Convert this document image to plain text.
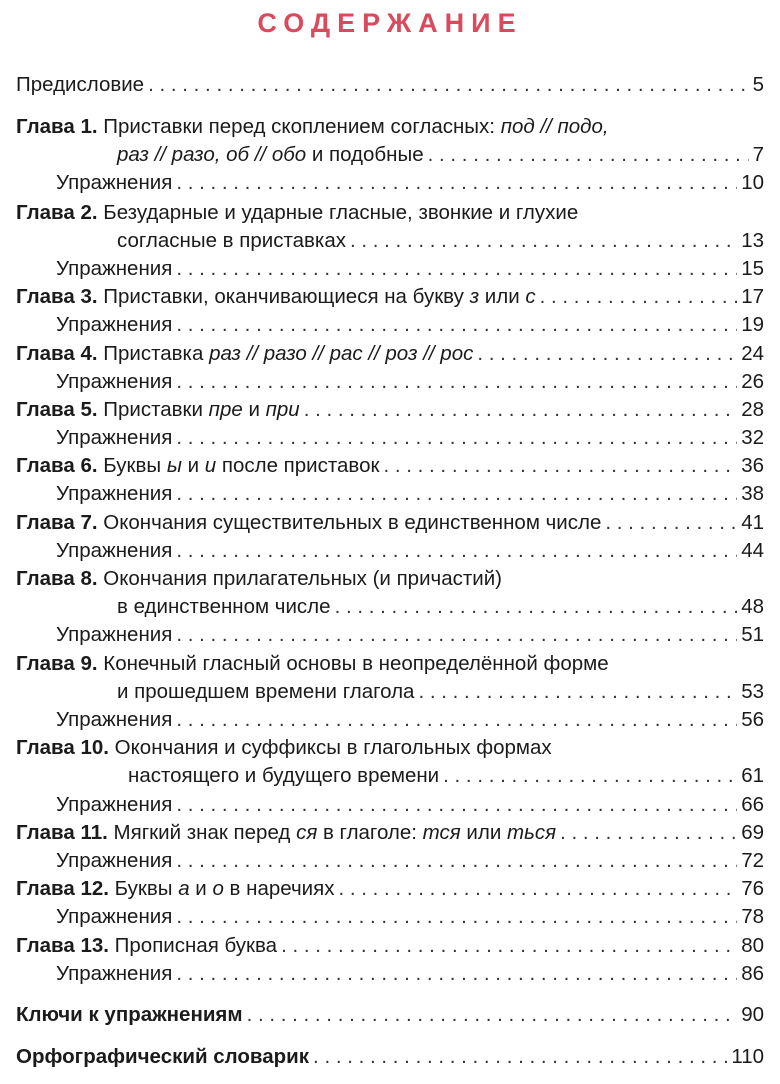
СОДЕРЖАНИЕ
Предисловие . . .	5
Глава 1. Приставки перед скоплением согласных: под // подо,
раз // разо, об // обо и подобные . . .	7
Упражнения . . .	10
Глава 2. Безударные и ударные гласные, звонкие и глухие
согласные в приставках . . .	13
Упражнения . . .	15
Глава 3. Приставки, оканчивающиеся на букву з или с . . .	17
Упражнения . . .	19
Глава 4. Приставка раз // разо // рас // роз // рос . . .	24
Упражнения . . .	26
Глава 5. Приставки пре и при . . .	28
Упражнения . . .	32
Глава 6. Буквы ы и и после приставок . . .	36
Упражнения . . .	38
Глава 7. Окончания существительных в единственном числе . . .	41
Упражнения . . .	44
Глава 8. Окончания прилагательных (и причастий)
в единственном числе . . .	48
Упражнения . . .	51
Глава 9. Конечный гласный основы в неопределённой форме
и прошедшем времени глагола . . .	53
Упражнения . . .	56
Глава 10. Окончания и суффиксы в глагольных формах
настоящего и будущего времени . . .	61
Упражнения . . .	66
Глава 11. Мягкий знак перед ся в глаголе: тся или ться . . .	69
Упражнения . . .	72
Глава 12. Буквы а и о в наречиях . . .	76
Упражнения . . .	78
Глава 13. Прописная буква . . .	80
Упражнения . . .	86
Ключи к упражнениям . . .	90
Орфографический словарик . . .	110
